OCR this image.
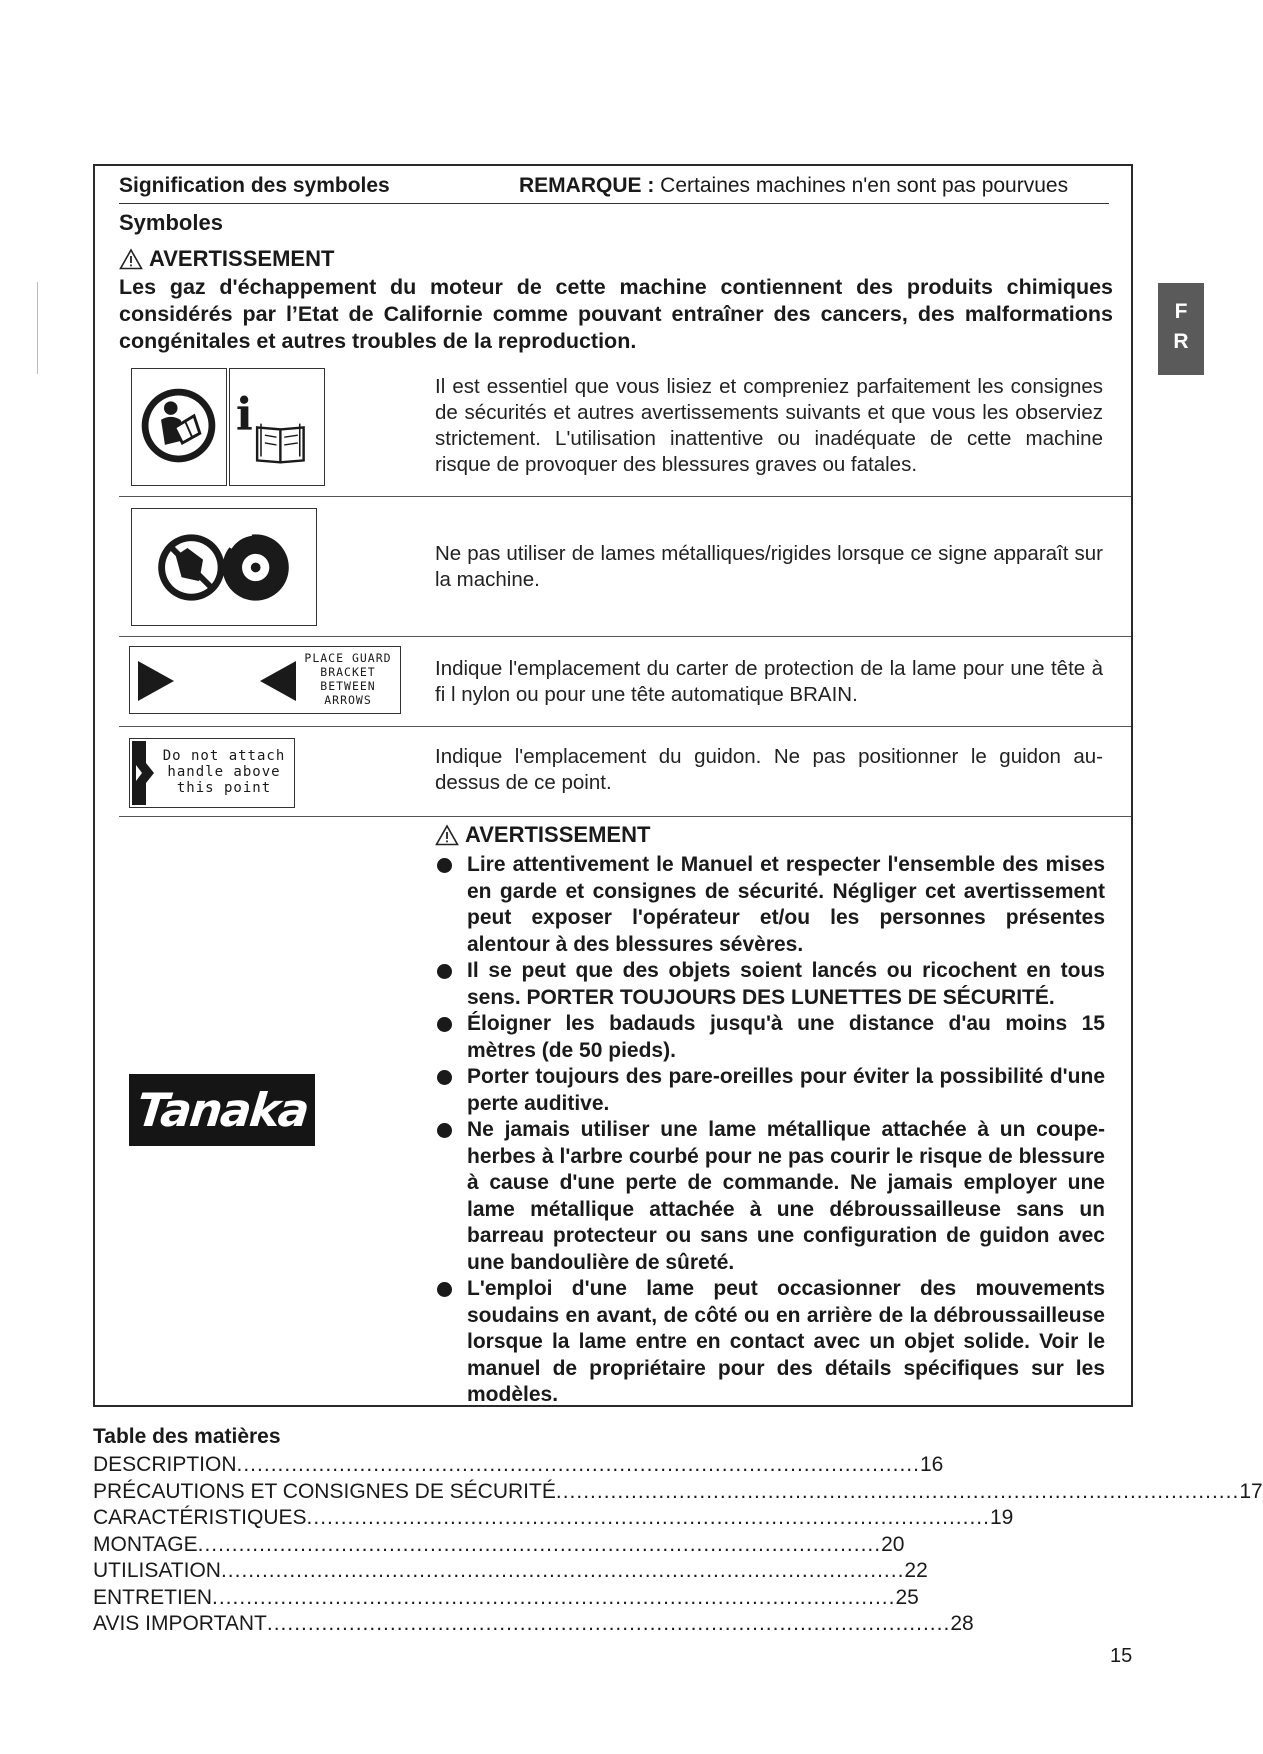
Signification des symboles	REMARQUE : Certaines machines n'en sont pas pourvues
Symboles
AVERTISSEMENT
Les gaz d'échappement du moteur de cette machine contiennent des produits chimiques considérés par l’Etat de Californie comme pouvant entraîner des cancers, des malformations congénitales et autres troubles de la reproduction.
i
Il est essentiel que vous lisiez et compreniez parfaitement les consignes de sécurités et autres avertissements suivants et que vous les observiez strictement. L'utilisation inattentive ou inadéquate de cette machine risque de provoquer des blessures graves ou fatales.
Ne pas utiliser de lames métalliques/rigides lorsque ce signe apparaît sur la machine.
PLACE GUARD
BRACKET
BETWEEN
ARROWS
Indique l'emplacement du carter de protection de la lame pour une tête à fi l nylon ou pour une tête automatique BRAIN.
Do not attach
handle above
this point
Indique l'emplacement du guidon. Ne pas positionner le guidon au-dessus de ce point.
Tanaka
AVERTISSEMENT
Lire attentivement le Manuel et respecter l'ensemble des mises en garde et consignes de sécurité. Négliger cet avertissement peut exposer l'opérateur et/ou les personnes présentes alentour à des blessures sévères.
Il se peut que des objets soient lancés ou ricochent en tous sens. PORTER TOUJOURS DES LUNETTES DE SÉCURITÉ.
Éloigner les badauds jusqu'à une distance d'au moins 15 mètres (de 50 pieds).
Porter toujours des pare-oreilles pour éviter la possibilité d'une perte auditive.
Ne jamais utiliser une lame métallique attachée à un coupe-herbes à l'arbre courbé pour ne pas courir le risque de blessure à cause d'une perte de commande. Ne jamais employer une lame métallique attachée à une débroussailleuse sans un barreau protecteur ou sans une configuration de guidon avec une bandoulière de sûreté.
L'emploi d'une lame peut occasionner des mouvements soudains en avant, de côté ou en arrière de la débroussailleuse lorsque la lame entre en contact avec un objet solide. Voir le manuel de propriétaire pour des détails spécifiques sur les modèles.
Table des matières
DESCRIPTION .................................................................................................... 16
PRÉCAUTIONS ET CONSIGNES DE SÉCURITÉ .................................................................................................... 17
CARACTÉRISTIQUES .................................................................................................... 19
MONTAGE .................................................................................................... 20
UTILISATION .................................................................................................... 22
ENTRETIEN .................................................................................................... 25
AVIS IMPORTANT .................................................................................................... 28
F
R
15
